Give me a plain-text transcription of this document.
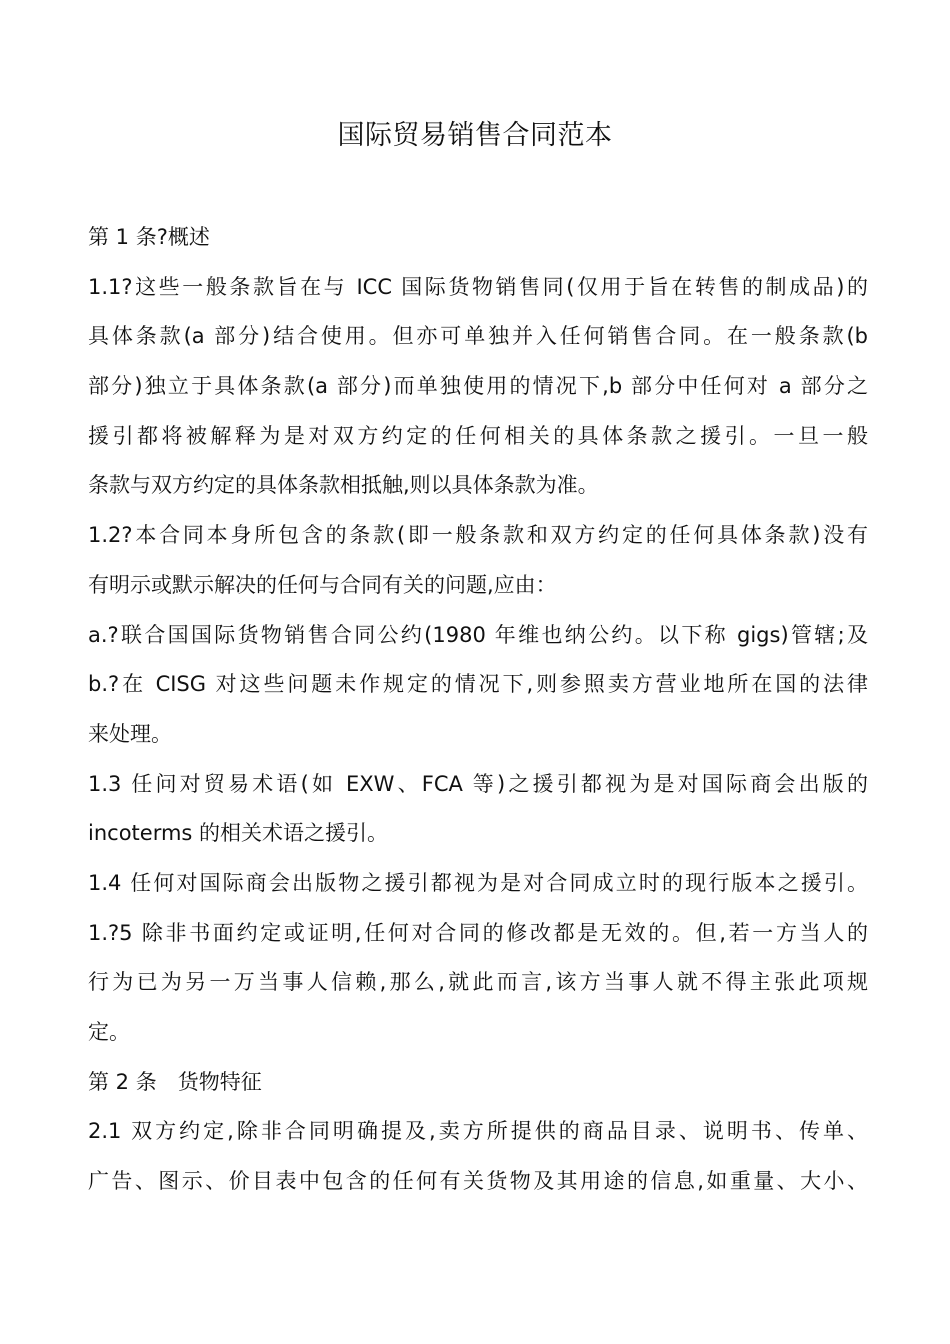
国际贸易销售合同范本
第 1 条?概述
1.1?这些一般条款旨在与 ICC 国际货物销售同(仅用于旨在转售的制成品)的
具体条款(a 部分)结合使用。但亦可单独并入任何销售合同。在一般条款(b
部分)独立于具体条款(a 部分)而单独使用的情况下,b 部分中任何对 a 部分之
援引都将被解释为是对双方约定的任何相关的具体条款之援引。一旦一般
条款与双方约定的具体条款相抵触,则以具体条款为准。
1.2?本合同本身所包含的条款(即一般条款和双方约定的任何具体条款)没有
有明示或默示解决的任何与合同有关的问题,应由：
a.?联合国国际货物销售合同公约(1980 年维也纳公约。以下称 gigs)管辖;及
b.?在 CISG 对这些问题未作规定的情况下,则参照卖方营业地所在国的法律
来处理。
1.3 任问对贸易术语(如 EXW、FCA 等)之援引都视为是对国际商会出版的
incoterms 的相关术语之援引。
1.4 任何对国际商会出版物之援引都视为是对合同成立时的现行版本之援引。
1.?5 除非书面约定或证明,任何对合同的修改都是无效的。但,若一方当人的
行为已为另一万当事人信赖,那么,就此而言,该方当事人就不得主张此项规
定。
第 2 条　货物特征
2.1 双方约定,除非合同明确提及,卖方所提供的商品目录、说明书、传单、
广告、图示、价目表中包含的任何有关货物及其用途的信息,如重量、大小、
